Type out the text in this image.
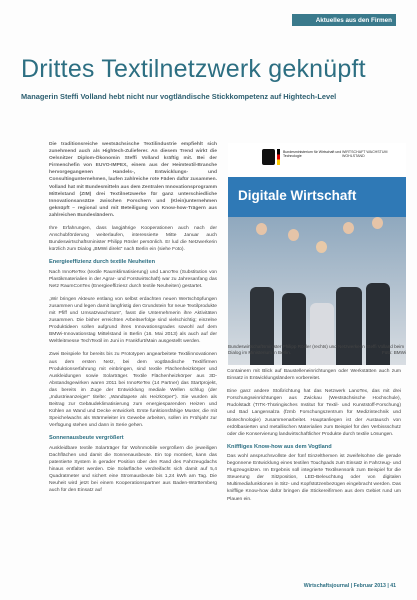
Aktuelles aus den Firmen
Drittes Textilnetzwerk geknüpft
Managerin Steffi Volland hebt nicht nur vogtländische Stickkompetenz auf Hightech-Level

Die traditionsreiche westsächsische Textilindustrie empfiehlt sich zunehmend auch als Hightech-Zulieferer. An diesem Trend wirkt die Oelsnitzer Diplom-Ökonomin Steffi Volland kräftig mit. Bei der Firmenchefin von EUVO-IMPEX, einem aus der Heimtextil-Branche hervorgegangenen Handels-, Entwicklungs- und Consultingunternehmen, laufen zahlreiche rote Fäden dafür zusammen. Volland hat mit Bundesmitteln aus dem Zentralen Innovationsprogramm Mittelstand (ZIM) drei Textilnetzwerke für ganz unterschiedliche Innovationsansätze zwischen Forschern und (Klein)unternehmen geknüpft – regional und mit Beteiligung von Know-how-Trägern aus zahlreichen Bundesländern.

Ihre Erfahrungen, dass langjährige Kooperationen auch nach der Anschubförderung weiterlaufen, interessierte Mitte Januar auch Bundeswirtschaftsminister Philipp Rösler persönlich. Er lud die Netzwerkerin kürzlich zum Dialog „BMWi direkt“ nach Berlin ein (siehe Foto).

Energieeffizienz durch textile Neuheiten

Nach InnoReTex (textile Raumklimatisierung) und LanoTex (Substitution von Plastikmaterialien in der Agrar- und Forstwirtschaft) war zu Jahresanfang das Netz RaumConTex (Energieeffizienz durch textile Neuheiten) gestartet.

„Wir bringen Akteure entlang von selbst erdachten neuen Wertschöpfungen zusammen und legen damit langfristig den Grundstein für neue Textilprodukte mit Pfiff und Umsatzwachstum“, fasst die Unternehmerin ihre Aktivitäten zusammen. Die bisher erreichten Arbeitserfolge sind vielschichtig; einzelne Produktideen sollen aufgrund ihres Innovationsgrades sowohl auf dem BMWi-Innovationstag Mittelstand in Berlin (16. Mai 2013) als auch auf der Weltleitmesse TechTextil im Juni in Frankfurt/Main ausgestellt werden.

Zwei Beispiele für bereits bis zu Prototypen angearbeitete Textilinnovationen aus dem ersten Netz, bei dem vogtländische Textilfirmen Produktionserfahrung mit einbringen, sind textile Flächenheizkörper und Auskleidungen sowie Solarträger. Textile Flächenheizkörper aus 3D-Abstandsgewirken waren 2011 bei InnoReTex (14 Partner) das Startprojekt, das bereits im Zuge der Entwicklung mediale Wellen schlug (der „Industrieanzeiger“ titelte: „Wandtapete als Heizkörper“). Sie wurden als Beitrag zur Gebäudeklimatisierung zum energiesparenden Heizen und Kühlen an Wand und Decke entwickelt. Erste funktionsfähige Muster, die mit Speichelwachs als Wärmeleiter im Gewebe arbeiten, sollen im Frühjahr zur Verfügung stehen und dann in Serie gehen.

Sonnenausbeute vergrößert

Auskleidbare textile Solarträger für Wohnmobile vergrößern die jeweiligen Dachflächen und damit die Sonnenausbeute. Ein top montiert, kann das patentierte System in gerader Position über den Rand des Fahrzeugdachs hinaus entfaltet werden. Die Solarfläche verdreifacht sich damit auf 5,4 Quadratmeter und sichert eine Stromausbeute bis 1,24 kWh am Tag. Die Neuheit wird jetzt bei einem Kooperationspartner aus Baden-Württemberg auch für den Einsatz auf

Bundesministerium für Wirtschaft und Technologie
WIRTSCHAFT WACHSTUM WOHLSTAND
Digitale Wirtschaft
Bundeswirtschaftsminister Philipp Rösler (rechts) und Netzwerkerin Steffi Volland beim Dialog im Ministerium in Berlin.	Foto: BMWi

Containern mit Blick auf Baustelleneinrichtungen oder Werkstätten auch zum Einsatz in Entwicklungsländern vorbereitet.

Eine ganz andere Stoßrichtung hat das Netzwerk LanoTex, das mit drei Forschungseinrichtungen aus Zwickau (Westsächsische Hochschule), Rudolstadt (TITK-Thüringisches Institut für Textil- und Kunststoff-Forschung) und Bad Langensalza (fzmb Forschungszentrum für Medizintechnik und Biotechnologie) zusammenarbeitet. Hauptanliegen ist der Austausch von erdölbasierten und metallischen Materialien zum Beispiel für den Verbissschutz oder die Konservierung landwirtschaftlicher Produkte durch textile Lösungen.

Kniffliges Know-how aus dem Vogtland

Das wohl anspruchsvollste der fünf Einzelthemen ist zweifelsohne die gerade begonnene Entwicklung eines textilen Touchpads zum Einsatz in Fahrzeug- und Flugzeugsitzen. Im Ergebnis soll integrierte Textilsensorik zum Beispiel für die Steuerung der Sitzposition, LED-Beleuchtung oder von digitalen Multimediafunktionen in Sitz- und Kopfstützenbezügen eingebracht werden. Das knifflige Know-how dafür bringen die Stickereifirmen aus dem Gebiet rund um Plauen ein.

Wirtschaftsjournal | Februar 2013 | 41
